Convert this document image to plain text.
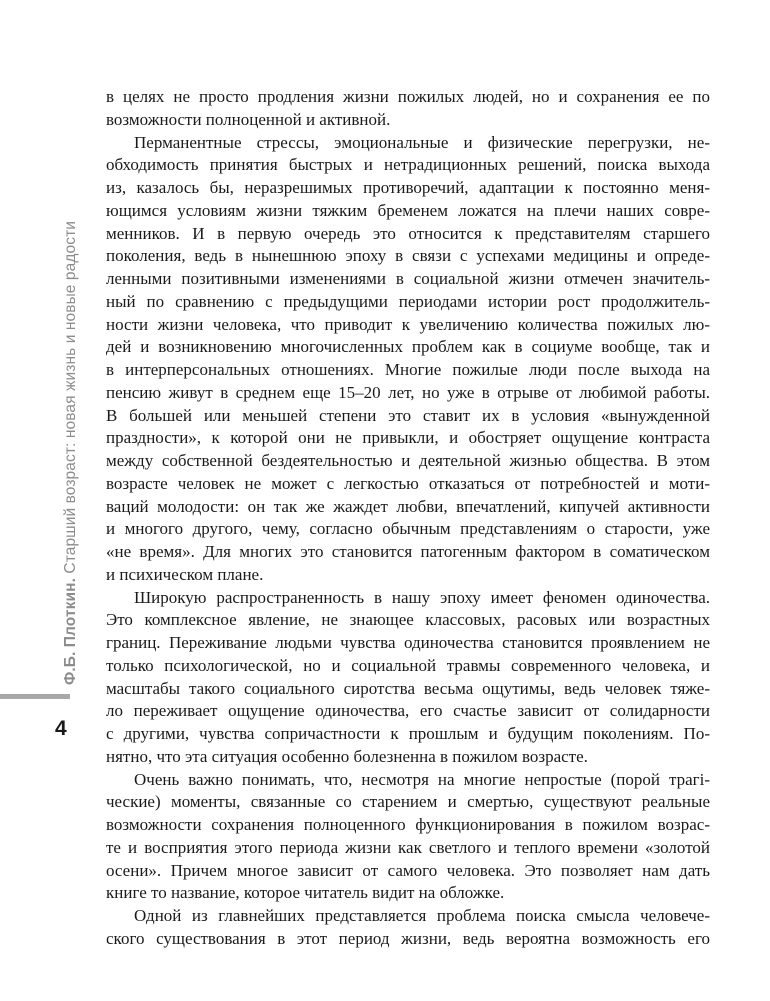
Ф.Б. Плоткин. Старший возраст: новая жизнь и новые радости
4
в целях не просто продления жизни пожилых людей, но и сохранения ее по
возможности полноценной и активной.
Перманентные стрессы, эмоциональные и физические перегрузки, не-
обходимость принятия быстрых и нетрадиционных решений, поиска выхода
из, казалось бы, неразрешимых противоречий, адаптации к постоянно меня-
ющимся условиям жизни тяжким бременем ложатся на плечи наших совре-
менников. И в первую очередь это относится к представителям старшего
поколения, ведь в нынешнюю эпоху в связи с успехами медицины и опреде-
ленными позитивными изменениями в социальной жизни отмечен значитель-
ный по сравнению с предыдущими периодами истории рост продолжитель-
ности жизни человека, что приводит к увеличению количества пожилых лю-
дей и возникновению многочисленных проблем как в социуме вообще, так и
в интерперсональных отношениях. Многие пожилые люди после выхода на
пенсию живут в среднем еще 15–20 лет, но уже в отрыве от любимой работы.
В большей или меньшей степени это ставит их в условия «вынужденной
праздности», к которой они не привыкли, и обостряет ощущение контраста
между собственной бездеятельностью и деятельной жизнью общества. В этом
возрасте человек не может с легкостью отказаться от потребностей и моти-
ваций молодости: он так же жаждет любви, впечатлений, кипучей активности
и многого другого, чему, согласно обычным представлениям о старости, уже
«не время». Для многих это становится патогенным фактором в соматическом
и психическом плане.
Широкую распространенность в нашу эпоху имеет феномен одиночества.
Это комплексное явление, не знающее классовых, расовых или возрастных
границ. Переживание людьми чувства одиночества становится проявлением не
только психологической, но и социальной травмы современного человека, и
масштабы такого социального сиротства весьма ощутимы, ведь человек тяже-
ло переживает ощущение одиночества, его счастье зависит от солидарности
с другими, чувства сопричастности к прошлым и будущим поколениям. По-
нятно, что эта ситуация особенно болезненна в пожилом возрасте.
Очень важно понимать, что, несмотря на многие непростые (порой трагі-
ческие) моменты, связанные со старением и смертью, существуют реальные
возможности сохранения полноценного функционирования в пожилом возрас-
те и восприятия этого периода жизни как светлого и теплого времени «золотой
осени». Причем многое зависит от самого человека. Это позволяет нам дать
книге то название, которое читатель видит на обложке.
Одной из главнейших представляется проблема поиска смысла человече-
ского существования в этот период жизни, ведь вероятна возможность его
